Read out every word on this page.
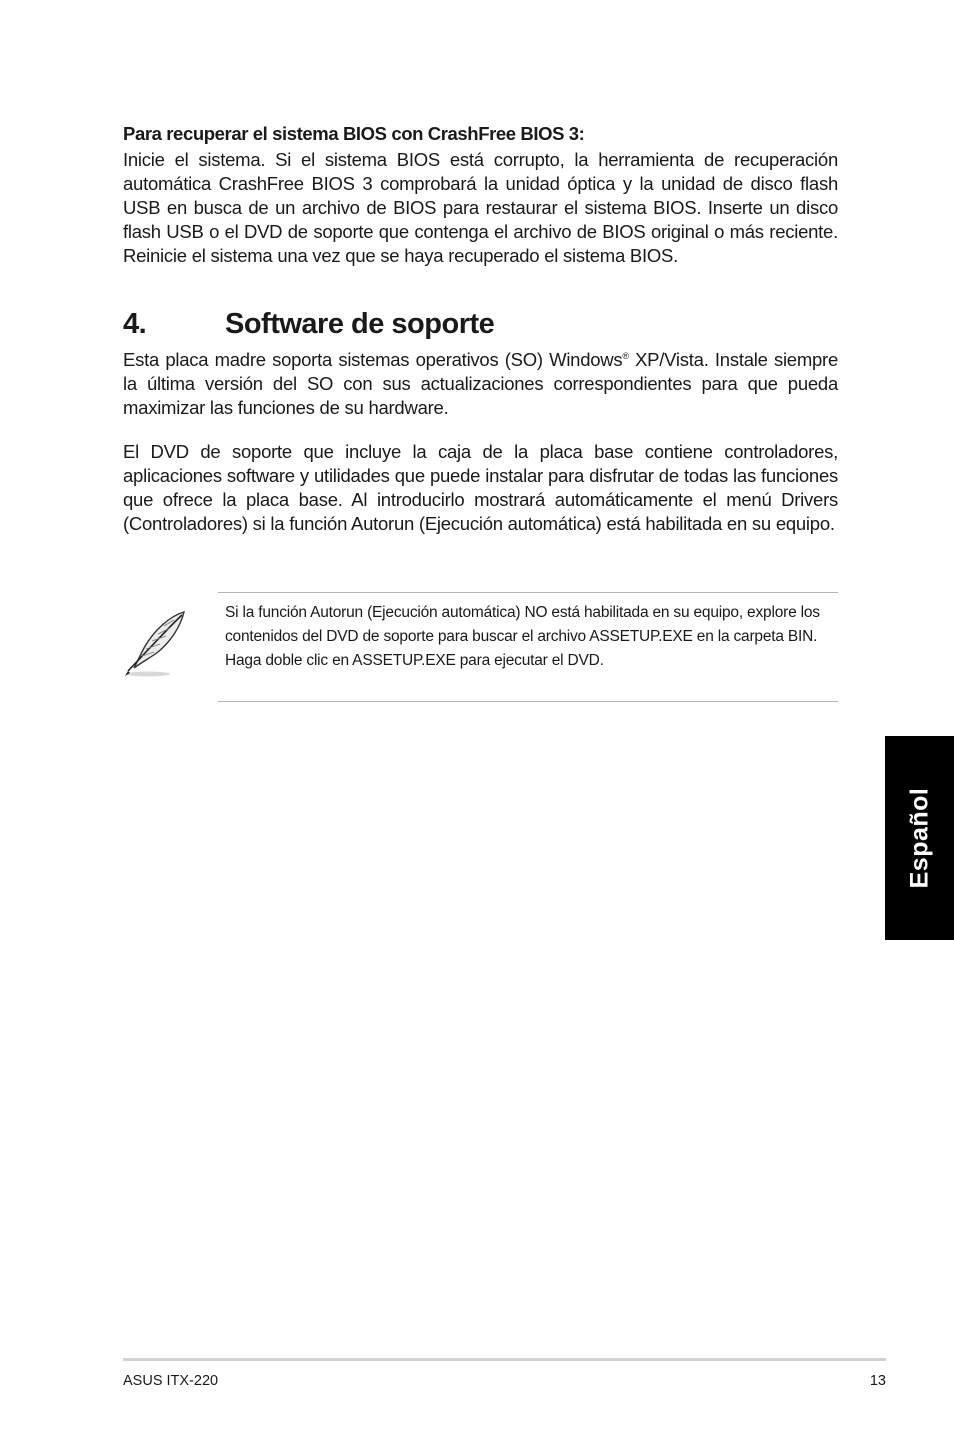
Para recuperar el sistema BIOS con CrashFree BIOS 3:
Inicie el sistema. Si el sistema BIOS está corrupto, la herramienta de recuperación automática CrashFree BIOS 3 comprobará la unidad óptica y la unidad de disco flash USB en busca de un archivo de BIOS para restaurar el sistema BIOS. Inserte un disco flash USB o el DVD de soporte que contenga el archivo de BIOS original o más reciente. Reinicie el sistema una vez que se haya recuperado el sistema BIOS.
4.	Software de soporte
Esta placa madre soporta sistemas operativos (SO) Windows® XP/Vista. Instale siempre la última versión del SO con sus actualizaciones correspondientes para que pueda maximizar las funciones de su hardware.
El DVD de soporte que incluye la caja de la placa base contiene controladores, aplicaciones software y utilidades que puede instalar para disfrutar de todas las funciones que ofrece la placa base. Al introducirlo mostrará automáticamente el menú Drivers (Controladores) si la función Autorun (Ejecución automática) está habilitada en su equipo.
Si la función Autorun (Ejecución automática) NO está habilitada en su equipo, explore los contenidos del DVD de soporte para buscar el archivo ASSETUP.EXE en la carpeta BIN. Haga doble clic en ASSETUP.EXE para ejecutar el DVD.
Español
ASUS ITX-220	13
